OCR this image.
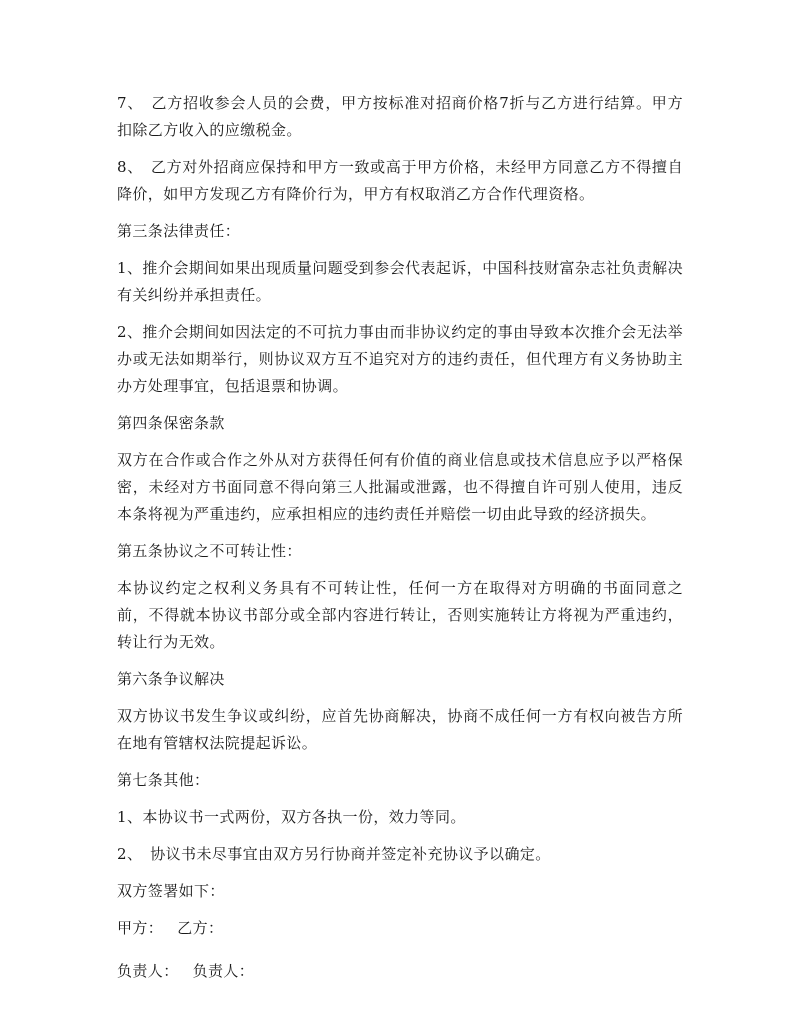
7、　乙方招收参会人员的会费，甲方按标准对招商价格7折与乙方进行结算。甲方扣除乙方收入的应缴税金。

8、　乙方对外招商应保持和甲方一致或高于甲方价格，未经甲方同意乙方不得擅自降价，如甲方发现乙方有降价行为，甲方有权取消乙方合作代理资格。

第三条法律责任：

1、推介会期间如果出现质量问题受到参会代表起诉，中国科技财富杂志社负责解决有关纠纷并承担责任。

2、推介会期间如因法定的不可抗力事由而非协议约定的事由导致本次推介会无法举办或无法如期举行，则协议双方互不追究对方的违约责任，但代理方有义务协助主办方处理事宜，包括退票和协调。

第四条保密条款

双方在合作或合作之外从对方获得任何有价值的商业信息或技术信息应予以严格保密，未经对方书面同意不得向第三人批漏或泄露，也不得擅自许可别人使用，违反本条将视为严重违约，应承担相应的违约责任并赔偿一切由此导致的经济损失。

第五条协议之不可转让性：

本协议约定之权利义务具有不可转让性，任何一方在取得对方明确的书面同意之前，不得就本协议书部分或全部内容进行转让，否则实施转让方将视为严重违约，转让行为无效。

第六条争议解决

双方协议书发生争议或纠纷，应首先协商解决，协商不成任何一方有权向被告方所在地有管辖权法院提起诉讼。

第七条其他：

1、本协议书一式两份，双方各执一份，效力等同。

2、　协议书未尽事宜由双方另行协商并签定补充协议予以确定。

双方签署如下：

甲方： 乙方：
负责人： 负责人：
